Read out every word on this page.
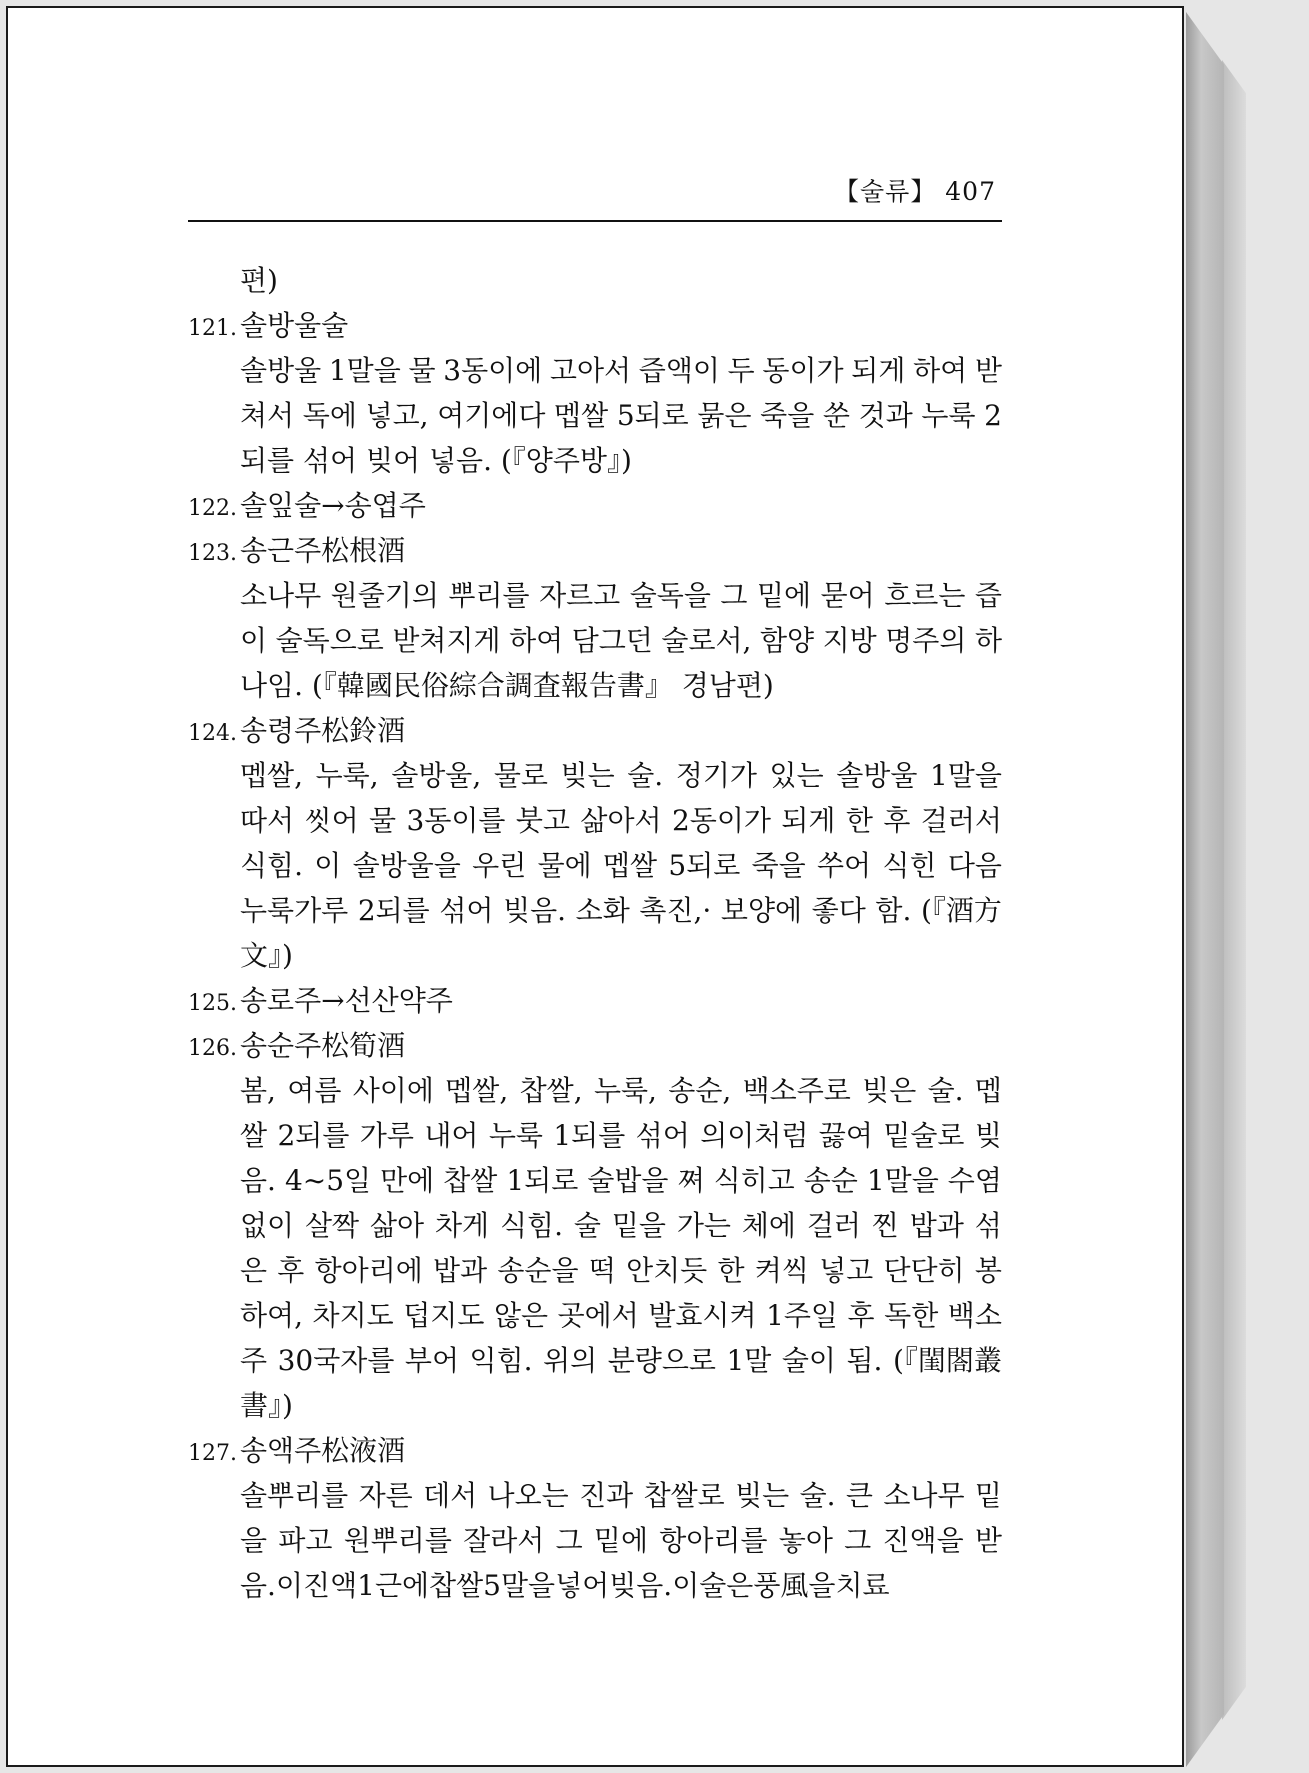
【술류】 407
편)
121. 솔방울술
솔방울 1말을 물 3동이에 고아서 즙액이 두 동이가 되게 하여 받
쳐서 독에 넣고, 여기에다 멥쌀 5되로 묽은 죽을 쑨 것과 누룩 2
되를 섞어 빚어 넣음. (『양주방』)
122. 솔잎술→송엽주
123. 송근주松根酒
소나무 원줄기의 뿌리를 자르고 술독을 그 밑에 묻어 흐르는 즙
이 술독으로 받쳐지게 하여 담그던 술로서, 함양 지방 명주의 하
나임. (『韓國民俗綜合調査報告書』 경남편)
124. 송령주松鈴酒
멥쌀, 누룩, 솔방울, 물로 빚는 술. 정기가 있는 솔방울 1말을
따서 씻어 물 3동이를 붓고 삶아서 2동이가 되게 한 후 걸러서
식힘. 이 솔방울을 우린 물에 멥쌀 5되로 죽을 쑤어 식힌 다음
누룩가루 2되를 섞어 빚음. 소화 촉진,· 보양에 좋다 함. (『酒方
文』)
125. 송로주→선산약주
126. 송순주松筍酒
봄, 여름 사이에 멥쌀, 찹쌀, 누룩, 송순, 백소주로 빚은 술. 멥
쌀 2되를 가루 내어 누룩 1되를 섞어 의이처럼 끓여 밑술로 빚
음. 4∼5일 만에 찹쌀 1되로 술밥을 쪄 식히고 송순 1말을 수염
없이 살짝 삶아 차게 식힘. 술 밑을 가는 체에 걸러 찐 밥과 섞
은 후 항아리에 밥과 송순을 떡 안치듯 한 켜씩 넣고 단단히 봉
하여, 차지도 덥지도 않은 곳에서 발효시켜 1주일 후 독한 백소
주 30국자를 부어 익힘. 위의 분량으로 1말 술이 됨. (『閨閤叢
書』)
127. 송액주松液酒
솔뿌리를 자른 데서 나오는 진과 찹쌀로 빚는 술. 큰 소나무 밑
을 파고 원뿌리를 잘라서 그 밑에 항아리를 놓아 그 진액을 받
음.이진액1근에찹쌀5말을넣어빚음.이술은풍風을치료
